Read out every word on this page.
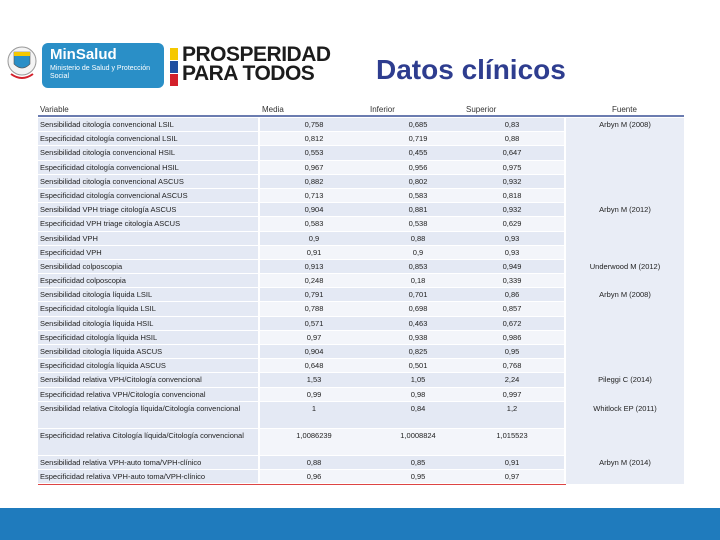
MinSalud
Ministerio de Salud y Protección Social
PROSPERIDAD
PARA TODOS	Datos clínicos
Variable	Media	Inferior	Superior	Fuente
Sensibilidad citología convencional LSIL	0,758	0,685	0,83	Arbyn M (2008)
Especificidad citología convencional LSIL	0,812	0,719	0,88
Sensibilidad citología convencional HSIL	0,553	0,455	0,647
Especificidad citología convencional HSIL	0,967	0,956	0,975
Sensibilidad citología convencional ASCUS	0,882	0,802	0,932
Especificidad citología convencional ASCUS	0,713	0,583	0,818
Sensibilidad VPH triage citología ASCUS	0,904	0,881	0,932	Arbyn M (2012)
Especificidad VPH triage citología ASCUS	0,583	0,538	0,629
Sensibilidad VPH	0,9	0,88	0,93
Especificidad VPH	0,91	0,9	0,93
Sensibilidad colposcopia	0,913	0,853	0,949	Underwood M (2012)
Especificidad colposcopia	0,248	0,18	0,339
Sensibilidad citología líquida LSIL	0,791	0,701	0,86	Arbyn M (2008)
Especificidad citología líquida LSIL	0,788	0,698	0,857
Sensibilidad citología líquida HSIL	0,571	0,463	0,672
Especificidad citología líquida HSIL	0,97	0,938	0,986
Sensibilidad citología líquida ASCUS	0,904	0,825	0,95
Especificidad citología líquida ASCUS	0,648	0,501	0,768
Sensibilidad relativa VPH/Citología convencional	1,53	1,05	2,24	Pileggi C (2014)
Especificidad relativa VPH/Citología convencional	0,99	0,98	0,997
Sensibilidad relativa Citología líquida/Citología convencional	1	0,84	1,2	Whitlock EP (2011)
Especificidad relativa Citología líquida/Citología convencional	1,0086239	1,0008824	1,015523
Sensibilidad relativa VPH-auto toma/VPH-clínico	0,88	0,85	0,91	Arbyn M (2014)
Especificidad relativa VPH-auto toma/VPH-clínico	0,96	0,95	0,97
